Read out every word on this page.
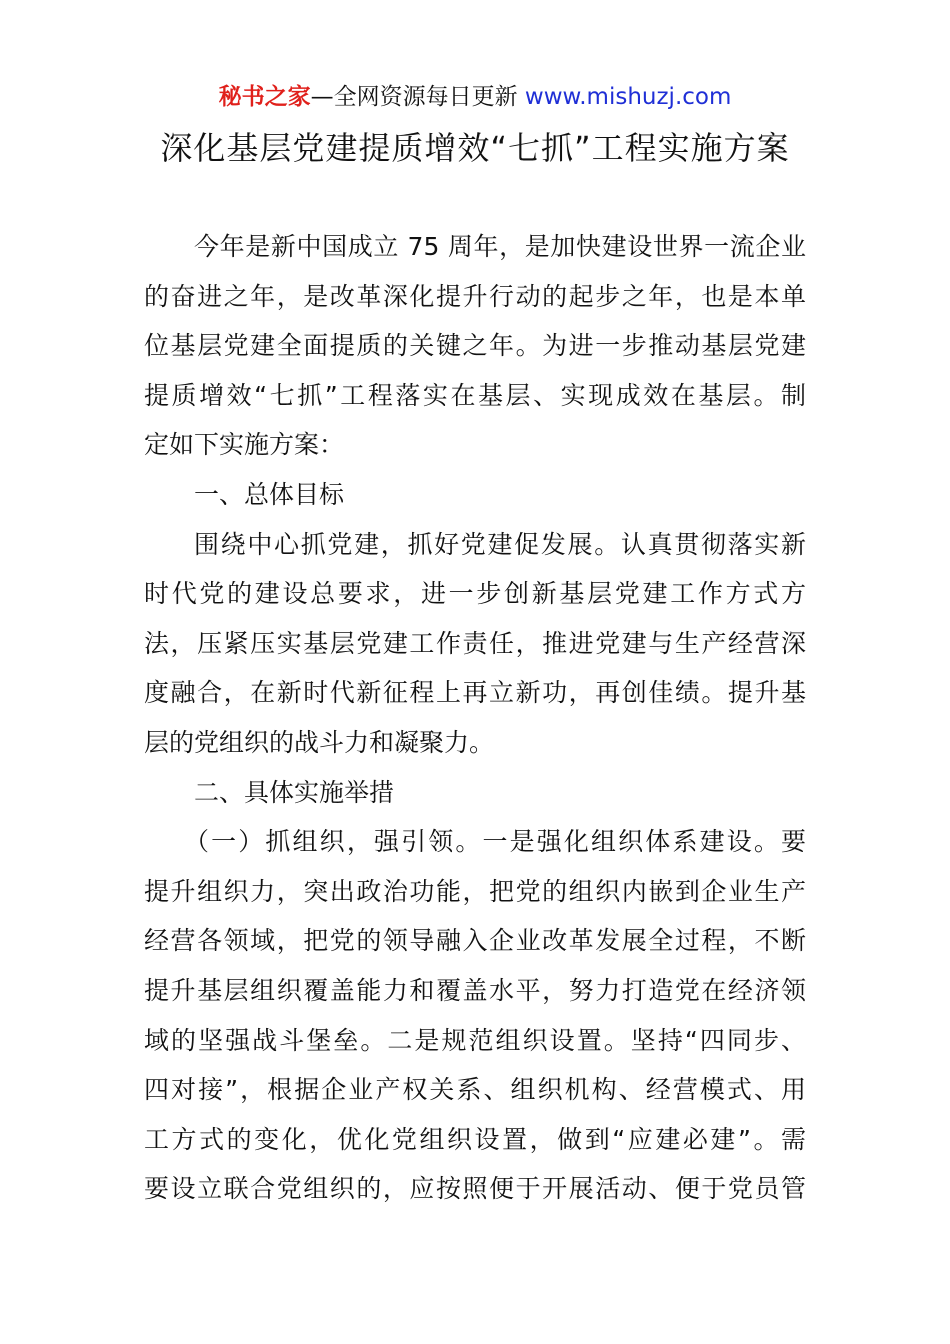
秘书之家—全网资源每日更新 www.mishuzj.com
深化基层党建提质增效“七抓”工程实施方案
今年是新中国成立 75 周年，是加快建设世界一流企业
的奋进之年，是改革深化提升行动的起步之年，也是本单
位基层党建全面提质的关键之年。为进一步推动基层党建
提质增效“七抓”工程落实在基层、实现成效在基层。制
定如下实施方案：
一、总体目标
围绕中心抓党建，抓好党建促发展。认真贯彻落实新
时代党的建设总要求，进一步创新基层党建工作方式方
法，压紧压实基层党建工作责任，推进党建与生产经营深
度融合，在新时代新征程上再立新功，再创佳绩。提升基
层的党组织的战斗力和凝聚力。
二、具体实施举措
（一）抓组织，强引领。一是强化组织体系建设。要
提升组织力，突出政治功能，把党的组织内嵌到企业生产
经营各领域，把党的领导融入企业改革发展全过程，不断
提升基层组织覆盖能力和覆盖水平，努力打造党在经济领
域的坚强战斗堡垒。二是规范组织设置。坚持“四同步、
四对接”，根据企业产权关系、组织机构、经营模式、用
工方式的变化，优化党组织设置，做到“应建必建”。需
要设立联合党组织的，应按照便于开展活动、便于党员管
